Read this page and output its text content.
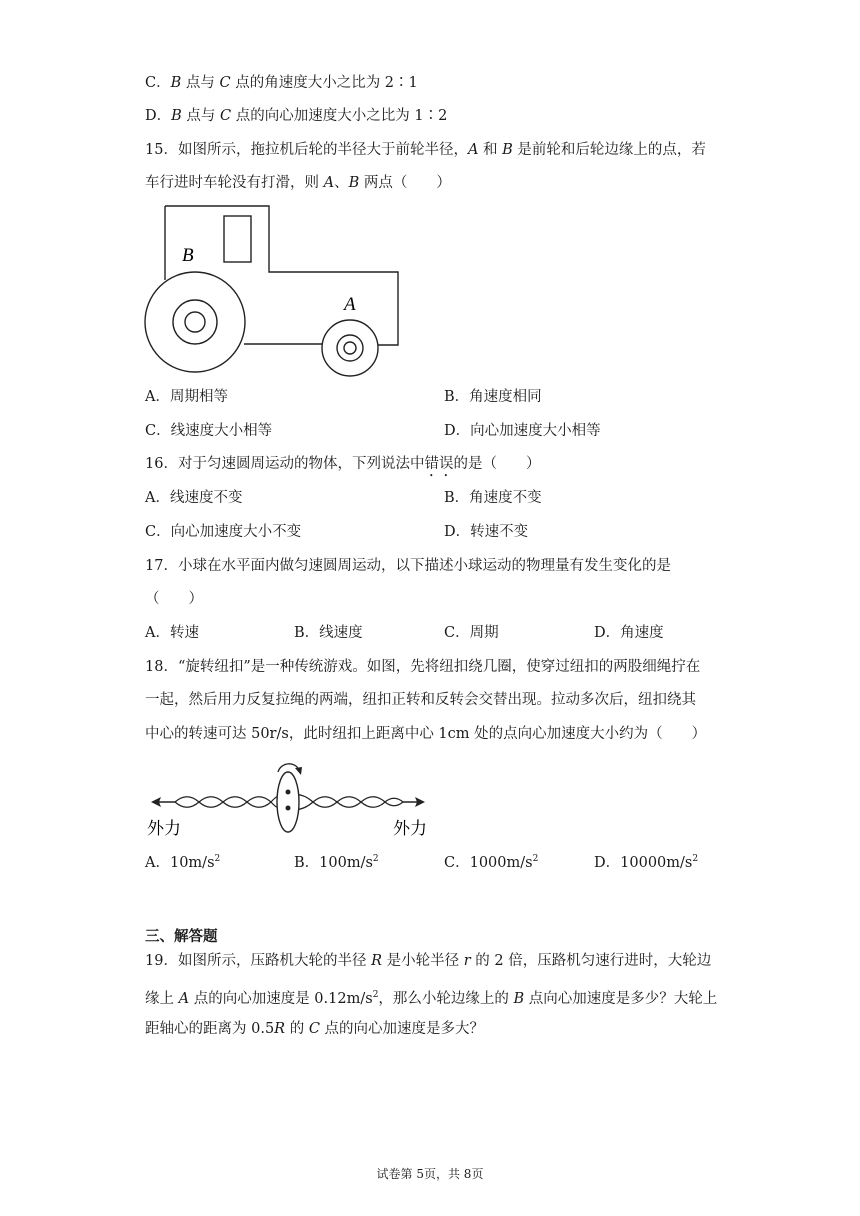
C．B 点与 C 点的角速度大小之比为 2∶1
D．B 点与 C 点的向心加速度大小之比为 1∶2
15．如图所示，拖拉机后轮的半径大于前轮半径，A 和 B 是前轮和后轮边缘上的点，若
车行进时车轮没有打滑，则 A、B 两点（　　）
B
A
A．周期相等	B．角速度相同
C．线速度大小相等	D．向心加速度大小相等
16．对于匀速圆周运动的物体，下列说法中错误的是（　　）
A．线速度不变	B．角速度不变
C．向心加速度大小不变	D．转速不变
17．小球在水平面内做匀速圆周运动，以下描述小球运动的物理量有发生变化的是
（　　）
A．转速	B．线速度	C．周期	D．角速度
18．“旋转纽扣”是一种传统游戏。如图，先将纽扣绕几圈，使穿过纽扣的两股细绳拧在
一起，然后用力反复拉绳的两端，纽扣正转和反转会交替出现。拉动多次后，纽扣绕其
中心的转速可达 50r/s，此时纽扣上距离中心 1cm 处的点向心加速度大小约为（　　）
外力	外力
A．$10m/s^2$	B．$100m/s^2$	C．$1000m/s^2$	D．$10000m/s^2$
三、解答题
19．如图所示，压路机大轮的半径 R 是小轮半径 r 的 2 倍，压路机匀速行进时，大轮边
缘上 A 点的向心加速度是 $0.12m/s^2$，那么小轮边缘上的 B 点向心加速度是多少？大轮上
距轴心的距离为 0.5R 的 C 点的向心加速度是多大？
试卷第 5页，共 8页
